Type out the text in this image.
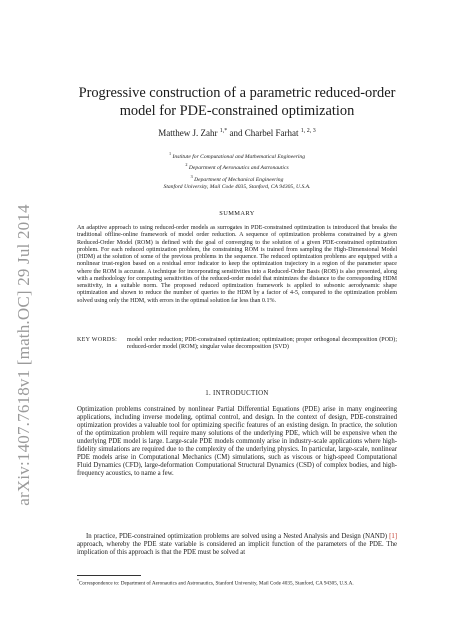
arXiv:1407.7618v1 [math.OC] 29 Jul 2014
Progressive construction of a parametric reduced-order model for PDE-constrained optimization
Matthew J. Zahr $^{1,*}$ and Charbel Farhat $^{1, 2, 3}$
$^1$ Institute for Computational and Mathematical Engineering
$^2$ Department of Aeronautics and Astronautics
$^3$ Department of Mechanical Engineering
Stanford University, Mail Code 4035, Stanford, CA 94305, U.S.A.
SUMMARY

An adaptive approach to using reduced-order models as surrogates in PDE-constrained optimization is introduced that breaks the traditional offline-online framework of model order reduction. A sequence of optimization problems constrained by a given Reduced-Order Model (ROM) is defined with the goal of converging to the solution of a given PDE-constrained optimization problem. For each reduced optimization problem, the constraining ROM is trained from sampling the High-Dimensional Model (HDM) at the solution of some of the previous problems in the sequence. The reduced optimization problems are equipped with a nonlinear trust-region based on a residual error indicator to keep the optimization trajectory in a region of the parameter space where the ROM is accurate. A technique for incorporating sensitivities into a Reduced-Order Basis (ROB) is also presented, along with a methodology for computing sensitivities of the reduced-order model that minimizes the distance to the corresponding HDM sensitivity, in a suitable norm. The proposed reduced optimization framework is applied to subsonic aerodynamic shape optimization and shown to reduce the number of queries to the HDM by a factor of 4-5, compared to the optimization problem solved using only the HDM, with errors in the optimal solution far less than 0.1%.

KEY WORDS:	model order reduction; PDE-constrained optimization; optimization; proper orthogonal decomposition (POD); reduced-order model (ROM); singular value decomposition (SVD)
1. INTRODUCTION

Optimization problems constrained by nonlinear Partial Differential Equations (PDE) arise in many engineering applications, including inverse modeling, optimal control, and design. In the context of design, PDE-constrained optimization provides a valuable tool for optimizing specific features of an existing design. In practice, the solution of the optimization problem will require many solutions of the underlying PDE, which will be expensive when the underlying PDE model is large. Large-scale PDE models commonly arise in industry-scale applications where high-fidelity simulations are required due to the complexity of the underlying physics. In particular, large-scale, nonlinear PDE models arise in Computational Mechanics (CM) simulations, such as viscous or high-speed Computational Fluid Dynamics (CFD), large-deformation Computational Structural Dynamics (CSD) of complex bodies, and high-frequency acoustics, to name a few.

In practice, PDE-constrained optimization problems are solved using a Nested Analysis and Design (NAND) [1] approach, whereby the PDE state variable is considered an implicit function of the parameters of the PDE. The implication of this approach is that the PDE must be solved at

*Correspondence to: Department of Aeronautics and Astronautics, Stanford University, Mail Code 4035, Stanford, CA 94305, U.S.A.
